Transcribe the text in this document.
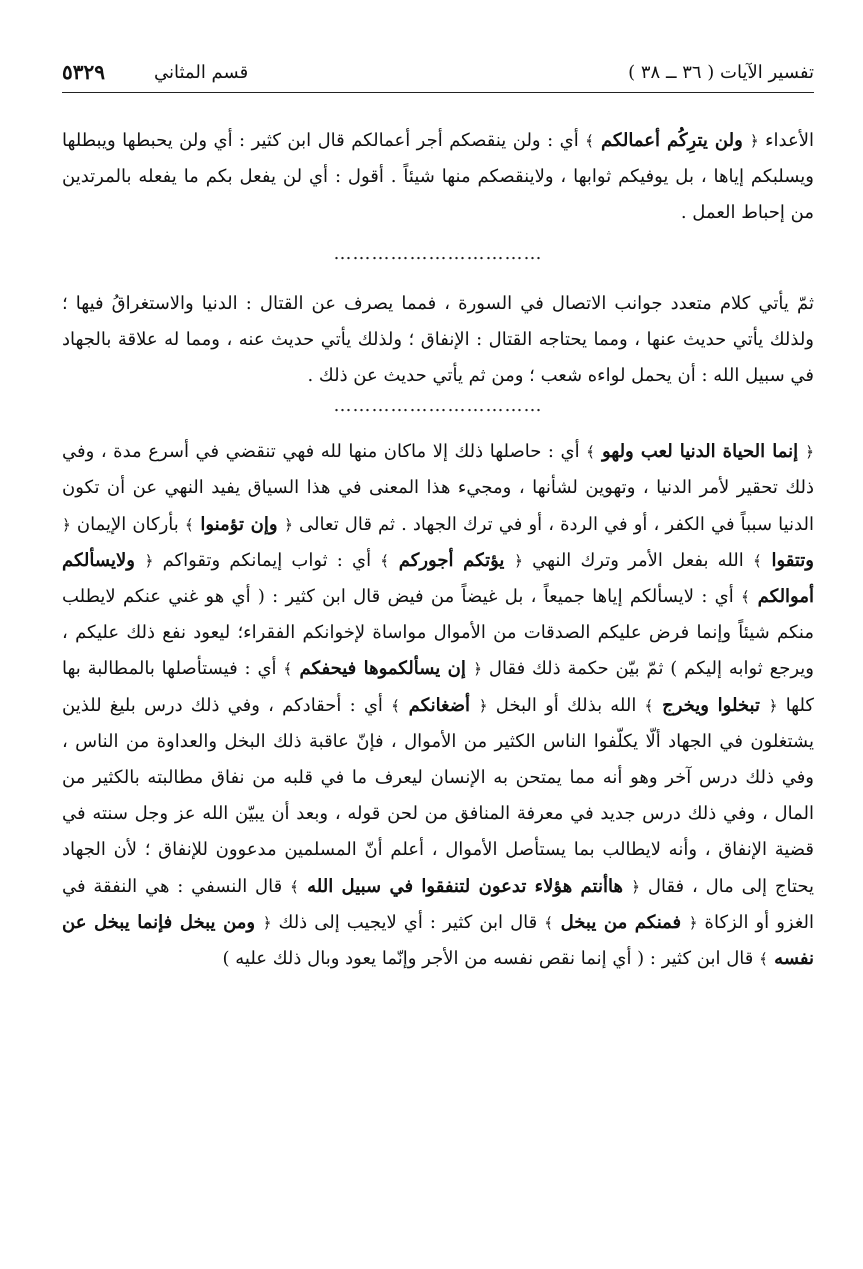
تفسير الآيات ( ٣٦ ــ ٣٨ )
قسم المثاني
٥٣٢٩

الأعداء ﴿ ولن يترِكُم أعمالكم ﴾ أي : ولن ينقصكم أجر أعمالكم قال ابن كثير : أي ولن يحبطها ويبطلها ويسلبكم إياها ، بل يوفيكم ثوابها ، ولاينقصكم منها شيئاً . أقول : أي لن يفعل بكم ما يفعله بالمرتدين من إحباط العمل .

……………………………

ثمّ يأتي كلام متعدد جوانب الاتصال في السورة ، فمما يصرف عن القتال : الدنيا والاستغراقُ فيها ؛ ولذلك يأتي حديث عنها ، ومما يحتاجه القتال : الإنفاق ؛ ولذلك يأتي حديث عنه ، ومما له علاقة بالجهاد في سبيل الله : أن يحمل لواءه شعب ؛ ومن ثم يأتي حديث عن ذلك .

……………………………

﴿ إنما الحياة الدنيا لعب ولهو ﴾ أي : حاصلها ذلك إلا ماكان منها لله فهي تنقضي في أسرع مدة ، وفي ذلك تحقير لأمر الدنيا ، وتهوين لشأنها ، ومجيء هذا المعنى في هذا السياق يفيد النهي عن أن تكون الدنيا سبباً في الكفر ، أو في الردة ، أو في ترك الجهاد . ثم قال تعالى ﴿ وإن تؤمنوا ﴾ بأركان الإيمان ﴿ وتتقوا ﴾ الله بفعل الأمر وترك النهي ﴿ يؤتكم أجوركم ﴾ أي : ثواب إيمانكم وتقواكم ﴿ ولايسألكم أموالكم ﴾ أي : لايسألكم إياها جميعاً ، بل غيضاً من فيض قال ابن كثير : ( أي هو غني عنكم لايطلب منكم شيئاً وإنما فرض عليكم الصدقات من الأموال مواساة لإخوانكم الفقراء؛ ليعود نفع ذلك عليكم ، ويرجع ثوابه إليكم ) ثمّ بيّن حكمة ذلك فقال ﴿ إن يسألكموها فيحفكم ﴾ أي : فيستأصلها بالمطالبة بها كلها ﴿ تبخلوا ويخرج ﴾ الله بذلك أو البخل ﴿ أضغانكم ﴾ أي : أحقادكم ، وفي ذلك درس بليغ للذين يشتغلون في الجهاد ألّا يكلّفوا الناس الكثير من الأموال ، فإنّ عاقبة ذلك البخل والعداوة من الناس ، وفي ذلك درس آخر وهو أنه مما يمتحن به الإنسان ليعرف ما في قلبه من نفاق مطالبته بالكثير من المال ، وفي ذلك درس جديد في معرفة المنافق من لحن قوله ، وبعد أن يبيّن الله عز وجل سنته في قضية الإنفاق ، وأنه لايطالب بما يستأصل الأموال ، أعلم أنّ المسلمين مدعوون للإنفاق ؛ لأن الجهاد يحتاج إلى مال ، فقال ﴿ هاأنتم هؤلاء تدعون لتنفقوا في سبيل الله ﴾ قال النسفي : هي النفقة في الغزو أو الزكاة ﴿ فمنكم من يبخل ﴾ قال ابن كثير : أي لايجيب إلى ذلك ﴿ ومن يبخل فإنما يبخل عن نفسه ﴾ قال ابن كثير : ( أي إنما نقص نفسه من الأجر وإنّما يعود وبال ذلك عليه )
